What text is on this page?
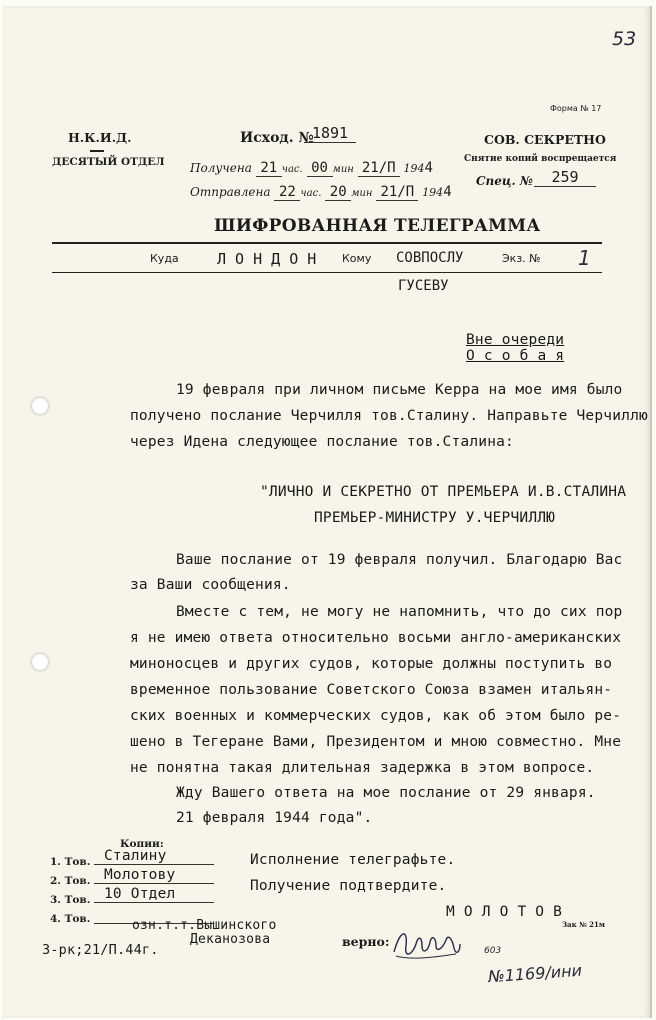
53
Форма № 17
Н.К.И.Д.
ДЕСЯТЫЙ ОТДЕЛ
Исход. №
1891
Получена 21 час. 00 мин 21/П 1944
Отправлена 22 час. 20 мин 21/П 1944
СОВ. СЕКРЕТНО
Снятие копий воспрещается
Спец. №	259
ШИФРОВАННАЯ ТЕЛЕГРАММА
Куда	Л О Н Д О Н Кому СОВПОСЛУ	Экз. № 1
ГУСЕВУ
Вне очереди
О с о б а я
19 февраля при личном письме Керра на мое имя было
получено послание Черчилля тов.Сталину. Направьте Черчиллю
через Идена следующее послание тов.Сталина:
"ЛИЧНО И СЕКРЕТНО ОТ ПРЕМЬЕРА И.В.СТАЛИНА
ПРЕМЬЕР-МИНИСТРУ У.ЧЕРЧИЛЛЮ
Ваше послание от 19 февраля получил. Благодарю Вас
за Ваши сообщения.
Вместе с тем, не могу не напомнить, что до сих пор
я не имею ответа относительно восьми англо-американских
миноносцев и других судов, которые должны поступить во
временное пользование Советского Союза взамен итальян-
ских военных и коммерческих судов, как об этом было ре-
шено в Тегеране Вами, Президентом и мною совместно. Мне
не понятна такая длительная задержка в этом вопросе.
Жду Вашего ответа на мое послание от 29 января.
21 февраля 1944 года".
Копии:
1. Тов. Сталину
2. Тов. Молотову
3. Тов. 10 Отдел
4. Тов.	озн.т.т.Вышинского
Деканозова
Исполнение телеграфьте.
Получение подтвердите.
М О Л О Т О В
Зак № 21м
3-рк;21/П.44г.
верно:
603
№1169/ини
